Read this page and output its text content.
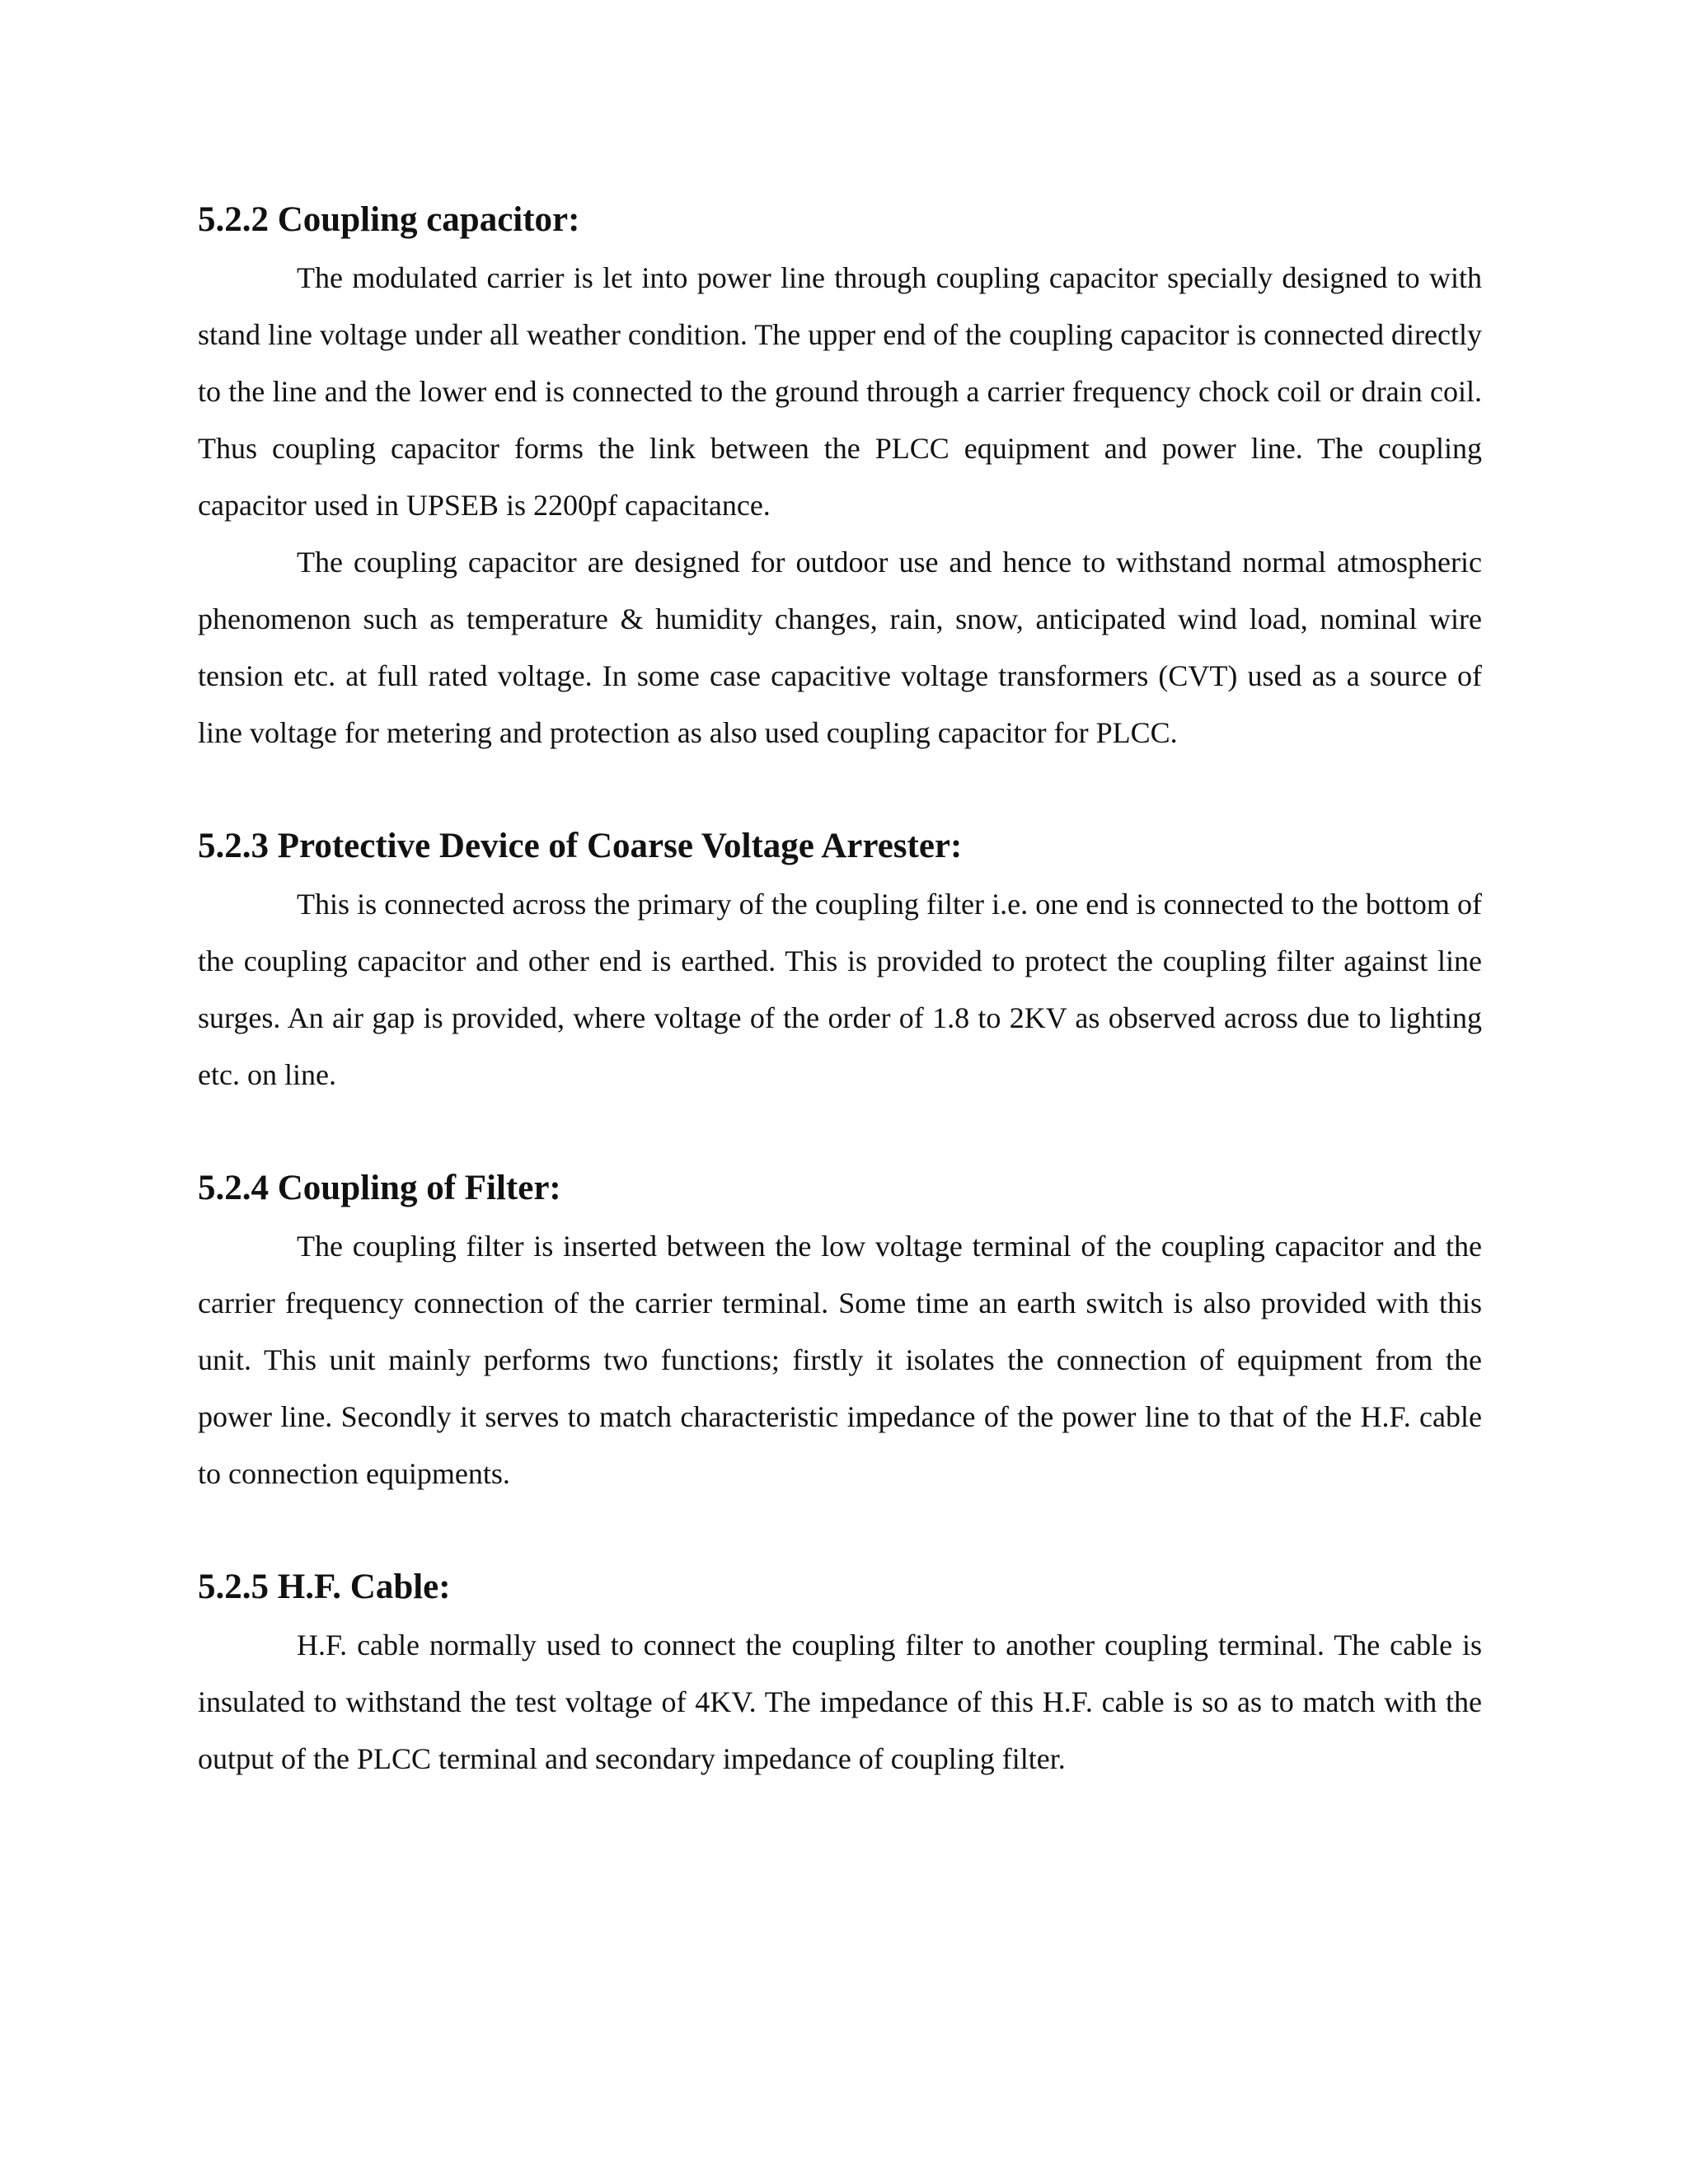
5.2.2 Coupling capacitor:

The modulated carrier is let into power line through coupling capacitor specially designed to with stand line voltage under all weather condition. The upper end of the coupling capacitor is connected directly to the line and the lower end is connected to the ground through a carrier frequency chock coil or drain coil. Thus coupling capacitor forms the link between the PLCC equipment and power line. The coupling capacitor used in UPSEB is 2200pf capacitance.

The coupling capacitor are designed for outdoor use and hence to withstand normal atmospheric phenomenon such as temperature & humidity changes, rain, snow, anticipated wind load, nominal wire tension etc. at full rated voltage. In some case capacitive voltage transformers (CVT) used as a source of line voltage for metering and protection as also used coupling capacitor for PLCC.

5.2.3 Protective Device of Coarse Voltage Arrester:

This is connected across the primary of the coupling filter i.e. one end is connected to the bottom of the coupling capacitor and other end is earthed. This is provided to protect the coupling filter against line surges. An air gap is provided, where voltage of the order of 1.8 to 2KV as observed across due to lighting etc. on line.

5.2.4 Coupling of Filter:

The coupling filter is inserted between the low voltage terminal of the coupling capacitor and the carrier frequency connection of the carrier terminal. Some time an earth switch is also provided with this unit. This unit mainly performs two functions; firstly it isolates the connection of equipment from the power line. Secondly it serves to match characteristic impedance of the power line to that of the H.F. cable to connection equipments.

5.2.5 H.F. Cable:

H.F. cable normally used to connect the coupling filter to another coupling terminal. The cable is insulated to withstand the test voltage of 4KV. The impedance of this H.F. cable is so as to match with the output of the PLCC terminal and secondary impedance of coupling filter.
